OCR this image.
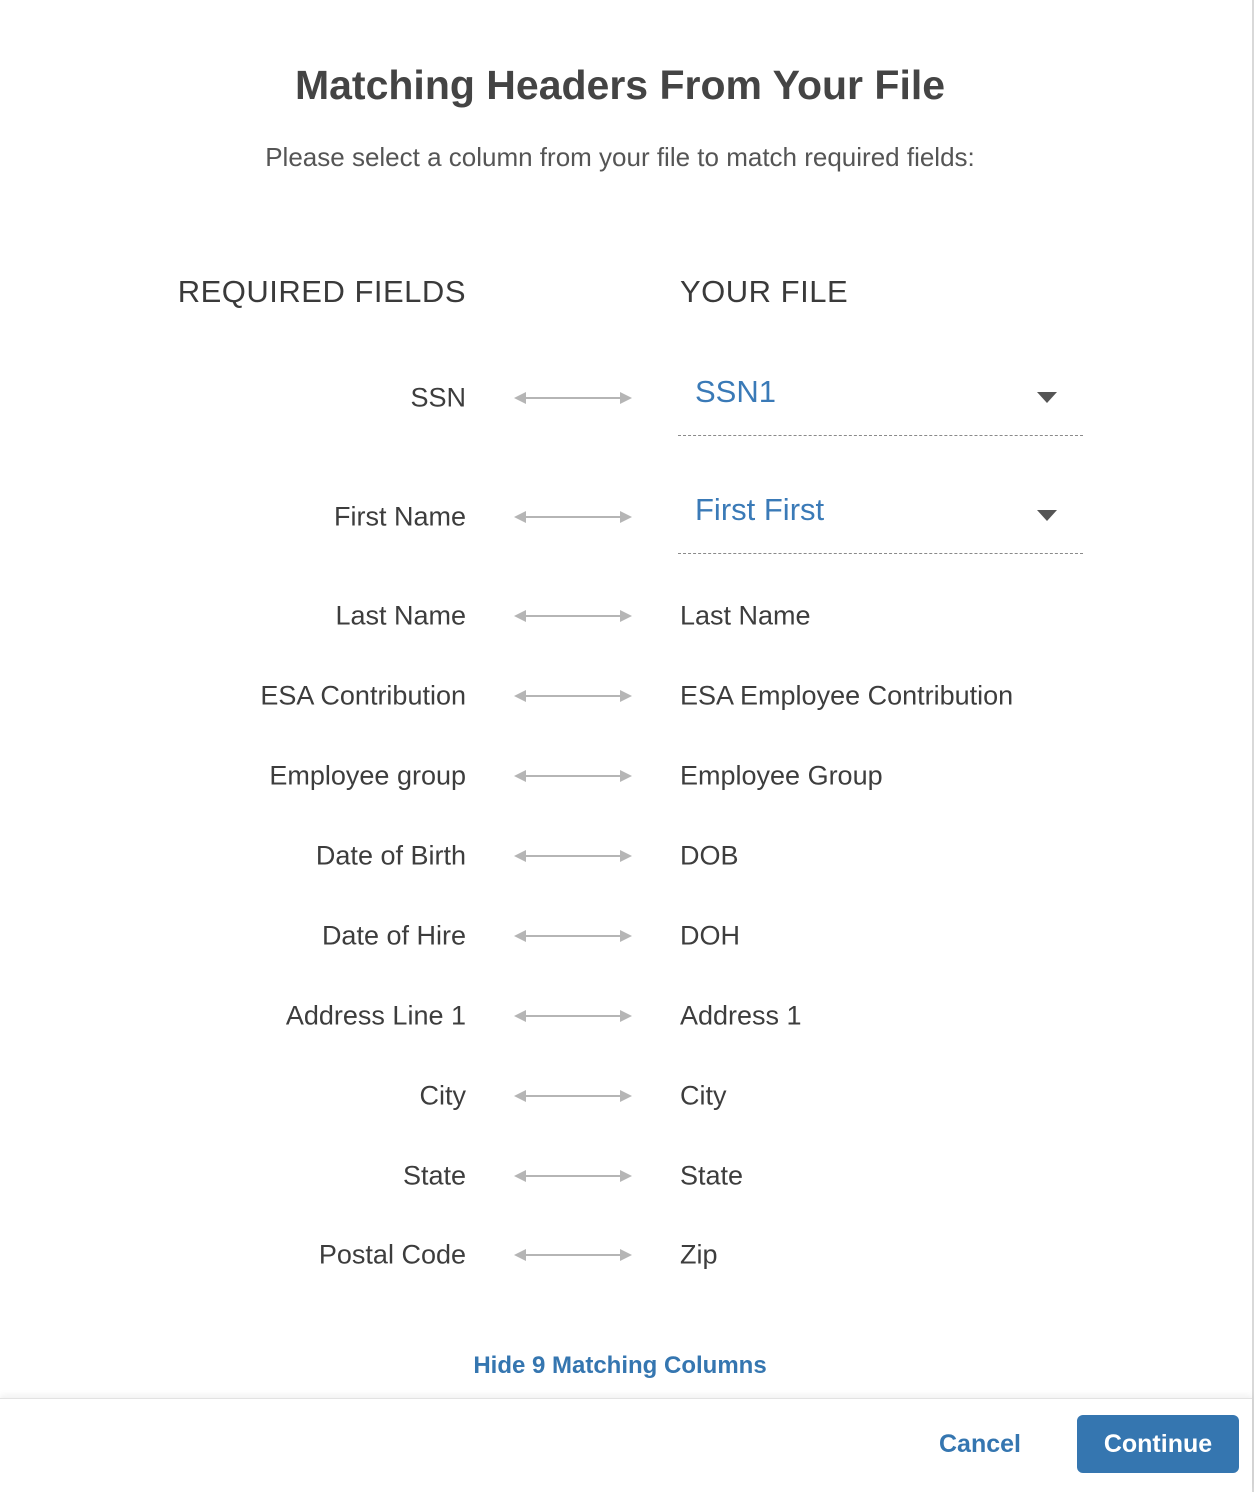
Matching Headers From Your File

Please select a column from your file to match required fields:

REQUIRED FIELDS	YOUR FILE
SSN	SSN1
First Name	First First
Last Name	Last Name
ESA Contribution	ESA Employee Contribution
Employee group	Employee Group
Date of Birth	DOB
Date of Hire	DOH
Address Line 1	Address 1
City	City
State	State
Postal Code	Zip
Hide 9 Matching Columns
Cancel	Continue
